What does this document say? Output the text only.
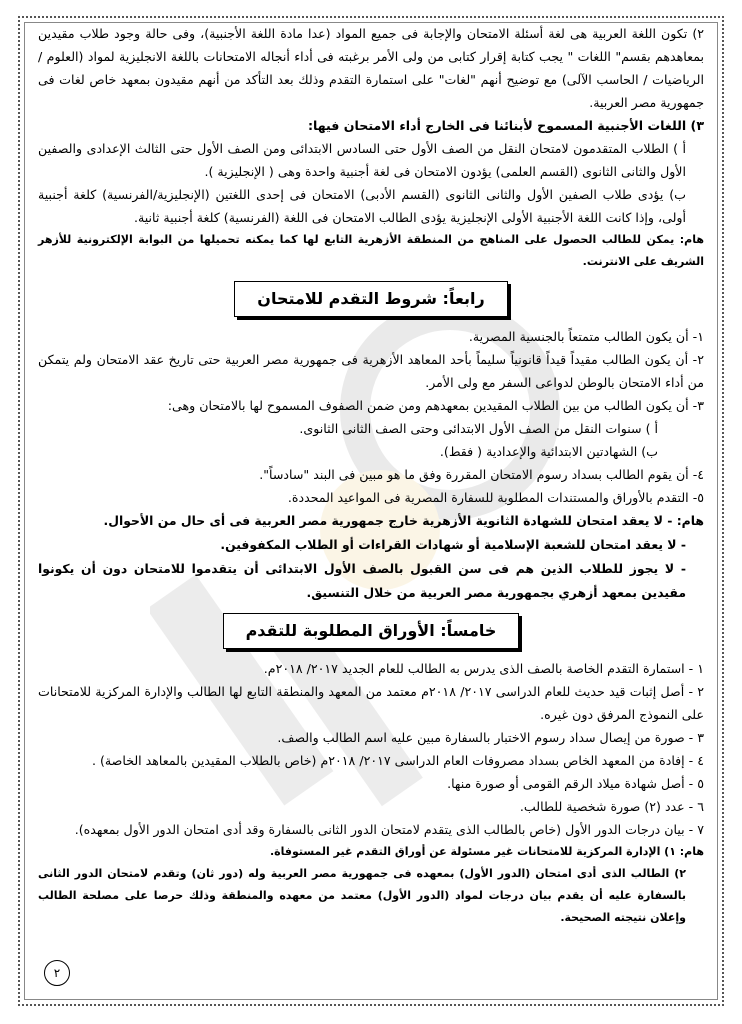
٢) تكون اللغة العربية هى لغة أسئلة الامتحان والإجابة فى جميع المواد (عدا مادة اللغة الأجنبية)، وفى حالة وجود طلاب مقيدين بمعاهدهم بقسم" اللغات " يجب كتابة إقرار كتابى من ولى الأمر برغبته فى أداء أنجاله الامتحانات باللغة الانجليزية لمواد (العلوم / الرياضيات / الحاسب الآلى) مع توضيح أنهم "لغات" على استمارة التقدم وذلك بعد التأكد من أنهم مقيدون بمعهد خاص لغات فى جمهورية مصر العربية.

٣) اللغات الأجنبية المسموح لأبنائنا فى الخارج أداء الامتحان فيها:

أ ) الطلاب المتقدمون لامتحان النقل من الصف الأول حتى السادس الابتدائى ومن الصف الأول حتى الثالث الإعدادى والصفين الأول والثانى الثانوى (القسم العلمى) يؤدون الامتحان فى لغة أجنبية واحدة وهى ( الإنجليزية ).

ب) يؤدى طلاب الصفين الأول والثانى الثانوى (القسم الأدبى) الامتحان فى إحدى اللغتين (الإنجليزية/الفرنسية) كلغة أجنبية أولى، وإذا كانت اللغة الأجنبية الأولى الإنجليزية يؤدى الطالب الامتحان فى اللغة (الفرنسية) كلغة أجنبية ثانية.

هام: يمكن للطالب الحصول على المناهج من المنطقة الأزهرية التابع لها كما يمكنه تحميلها من البوابة الإلكترونية للأزهر الشريف على الانترنت.

رابعاً: شروط التقدم للامتحان

١- أن يكون الطالب متمتعاً بالجنسية المصرية.

٢- أن يكون الطالب مقيداً قيداً قانونياً سليماً بأحد المعاهد الأزهرية فى جمهورية مصر العربية حتى تاريخ عقد الامتحان ولم يتمكن من أداء الامتحان بالوطن لدواعى السفر مع ولى الأمر.

٣- أن يكون الطالب من بين الطلاب المقيدين بمعهدهم ومن ضمن الصفوف المسموح لها بالامتحان وهى:

أ ) سنوات النقل من الصف الأول الابتدائى وحتى الصف الثانى الثانوى.

ب) الشهادتين الابتدائية والإعدادية ( فقط).

٤- أن يقوم الطالب بسداد رسوم الامتحان المقررة وفق ما هو مبين فى البند "سادساً".

٥- التقدم بالأوراق والمستندات المطلوبة للسفارة المصرية فى المواعيد المحددة.

هام: - لا يعقد امتحان للشهادة الثانوية الأزهرية خارج جمهورية مصر العربية فى أى حال من الأحوال.

- لا يعقد امتحان للشعبة الإسلامية أو شهادات القراءات أو الطلاب المكفوفين.

- لا يجوز للطلاب الذين هم فى سن القبول بالصف الأول الابتدائى أن يتقدموا للامتحان دون أن يكونوا مقيدين بمعهد أزهري بجمهورية مصر العربية من خلال التنسيق.

خامساً: الأوراق المطلوبة للتقدم

١ - استمارة التقدم الخاصة بالصف الذى يدرس به الطالب للعام الجديد ٢٠١٧/ ٢٠١٨م.

٢ - أصل إثبات قيد حديث للعام الدراسى ٢٠١٧/ ٢٠١٨م معتمد من المعهد والمنطقة التابع لها الطالب والإدارة المركزية للامتحانات على النموذج المرفق دون غيره.

٣ - صورة من إيصال سداد رسوم الاختبار بالسفارة مبين عليه اسم الطالب والصف.

٤ - إفادة من المعهد الخاص بسداد مصروفات العام الدراسى ٢٠١٧/ ٢٠١٨م (خاص بالطلاب المقيدين بالمعاهد الخاصة) .

٥ - أصل شهادة ميلاد الرقم القومى أو صورة منها.

٦ - عدد (٢) صورة شخصية للطالب.

٧ - بيان درجات الدور الأول (خاص بالطالب الذى يتقدم لامتحان الدور الثانى بالسفارة وقد أدى امتحان الدور الأول بمعهده).

هام: ١) الإدارة المركزية للامتحانات غير مسئولة عن أوراق التقدم غير المستوفاة.

٢) الطالب الذى أدى امتحان (الدور الأول) بمعهده فى جمهورية مصر العربية وله (دور ثان) وتقدم لامتحان الدور الثانى بالسفارة عليه أن يقدم بيان درجات لمواد (الدور الأول) معتمد من معهده والمنطقة وذلك حرصا على مصلحة الطالب وإعلان نتيجته الصحيحة.

٢
